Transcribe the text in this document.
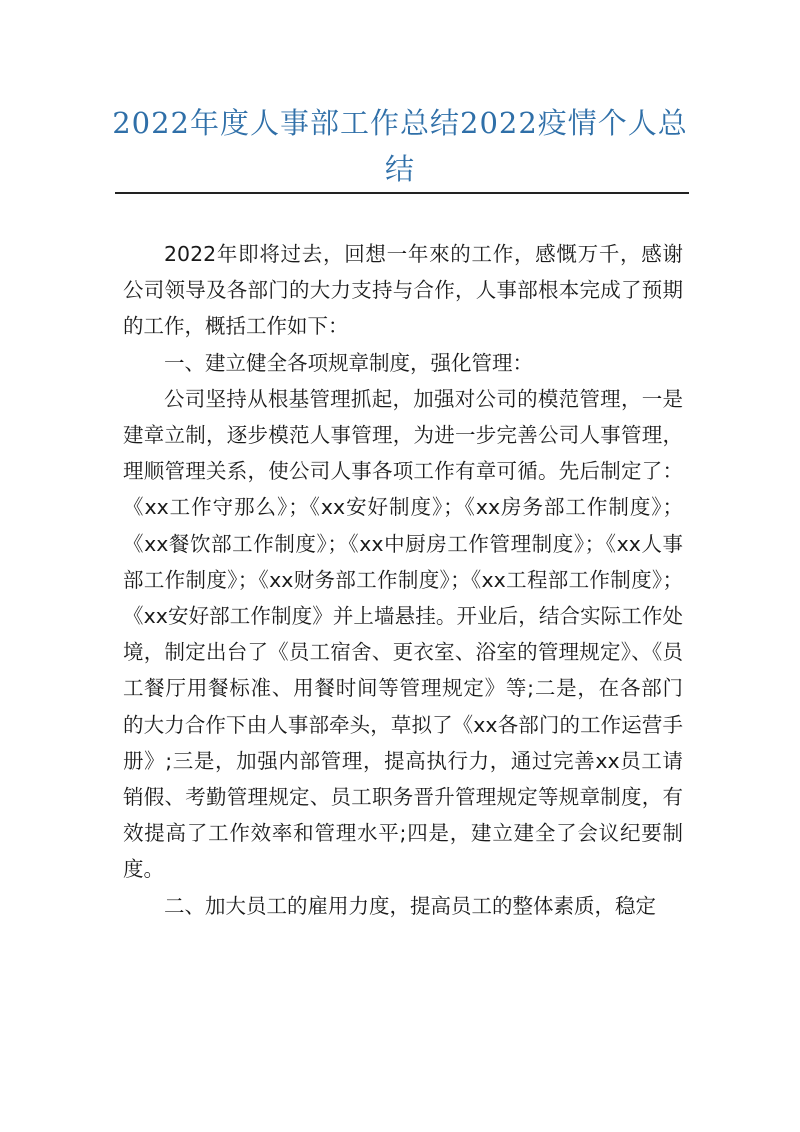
2022年度人事部工作总结2022疫情个人总结

2022年即将过去，回想一年來的工作，感慨万千，感谢公司领导及各部门的大力支持与合作，人事部根本完成了预期的工作，概括工作如下：

一、建立健全各项规章制度，强化管理：

公司坚持从根基管理抓起，加强对公司的模范管理，一是建章立制，逐步模范人事管理，为进一步完善公司人事管理，理顺管理关系，使公司人事各项工作有章可循。先后制定了：《xx工作守那么》；《xx安好制度》；《xx房务部工作制度》；《xx餐饮部工作制度》；《xx中厨房工作管理制度》；《xx人事部工作制度》；《xx财务部工作制度》；《xx工程部工作制度》；《xx安好部工作制度》并上墙悬挂。开业后，结合实际工作处境，制定出台了《员工宿舍、更衣室、浴室的管理规定》、《员工餐厅用餐标准、用餐时间等管理规定》等;二是，在各部门的大力合作下由人事部牵头，草拟了《xx各部门的工作运营手册》;三是，加强内部管理，提高执行力，通过完善xx员工请销假、考勤管理规定、员工职务晋升管理规定等规章制度，有效提高了工作效率和管理水平;四是，建立建全了会议纪要制度。

二、加大员工的雇用力度，提高员工的整体素质，稳定
